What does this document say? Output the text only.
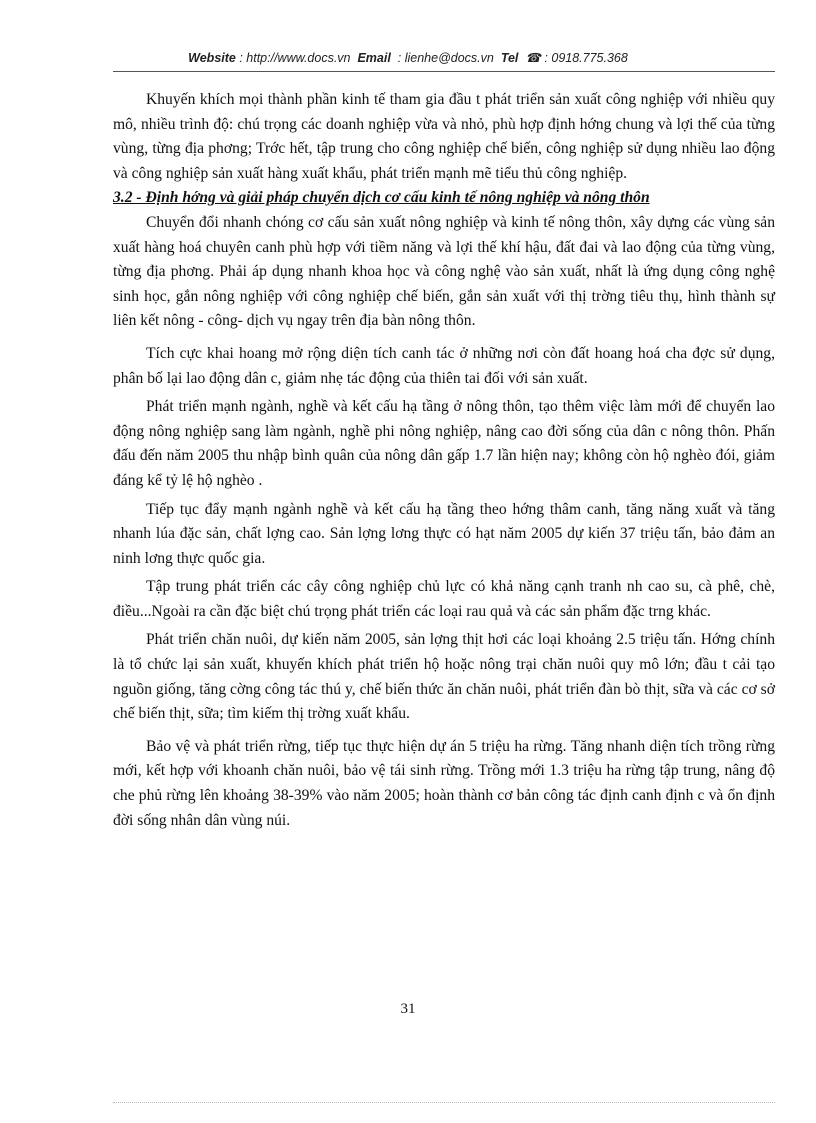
Website : http://www.docs.vn Email : lienhe@docs.vn Tel ☎ : 0918.775.368

Khuyến khích mọi thành phần kinh tế tham gia đầu t phát triển sản xuất công nghiệp với nhiều quy mô, nhiều trình độ: chú trọng các doanh nghiệp vừa và nhỏ, phù hợp định hớng chung và lợi thế của từng vùng, từng địa phơng; Trớc hết, tập trung cho công nghiệp chế biến, công nghiệp sử dụng nhiều lao động và công nghiệp sản xuất hàng xuất khẩu, phát triển mạnh mẽ tiểu thủ công nghiệp.

3.2 - Định hớng và giải pháp chuyển dịch cơ cấu kinh tế nông nghiệp và nông thôn

Chuyển đổi nhanh chóng cơ cấu sản xuất nông nghiệp và kinh tế nông thôn, xây dựng các vùng sản xuất hàng hoá chuyên canh phù hợp với tiềm năng và lợi thế khí hậu, đất đai và lao động của từng vùng, từng địa phơng. Phải áp dụng nhanh khoa học và công nghệ vào sản xuất, nhất là ứng dụng công nghệ sinh học, gắn nông nghiệp với công nghiệp chế biến, gắn sản xuất với thị trờng tiêu thụ, hình thành sự liên kết nông - công- dịch vụ ngay trên địa bàn nông thôn.

Tích cực khai hoang mở rộng diện tích canh tác ở những nơi còn đất hoang hoá cha đợc sử dụng, phân bố lại lao động dân c, giảm nhẹ tác động của thiên tai đối với sản xuất.

Phát triển mạnh ngành, nghề và kết cấu hạ tầng ở nông thôn, tạo thêm việc làm mới để chuyển lao động nông nghiệp sang làm ngành, nghề phi nông nghiệp, nâng cao đời sống của dân c nông thôn. Phấn đấu đến năm 2005 thu nhập bình quân của nông dân gấp 1.7 lần hiện nay; không còn hộ nghèo đói, giảm đáng kể tỷ lệ hộ nghèo .

Tiếp tục đẩy mạnh ngành nghề và kết cấu hạ tầng theo hớng thâm canh, tăng năng xuất và tăng nhanh lúa đặc sản, chất lợng cao. Sản lợng lơng thực có hạt năm 2005 dự kiến 37 triệu tấn, bảo đảm an ninh lơng thực quốc gia.

Tập trung phát triển các cây công nghiệp chủ lực có khả năng cạnh tranh nh cao su, cà phê, chè, điều...Ngoài ra cần đặc biệt chú trọng phát triển các loại rau quả và các sản phẩm đặc trng khác.

Phát triển chăn nuôi, dự kiến năm 2005, sản lợng thịt hơi các loại khoảng 2.5 triệu tấn. Hớng chính là tổ chức lại sản xuất, khuyến khích phát triển hộ hoặc nông trại chăn nuôi quy mô lớn; đầu t cải tạo nguồn giống, tăng cờng công tác thú y, chế biến thức ăn chăn nuôi, phát triển đàn bò thịt, sữa và các cơ sở chế biến thịt, sữa; tìm kiếm thị trờng xuất khẩu.

Bảo vệ và phát triển rừng, tiếp tục thực hiện dự án 5 triệu ha rừng. Tăng nhanh diện tích trồng rừng mới, kết hợp với khoanh chăn nuôi, bảo vệ tái sinh rừng. Trồng mới 1.3 triệu ha rừng tập trung, nâng độ che phủ rừng lên khoảng 38-39% vào năm 2005; hoàn thành cơ bản công tác định canh định c và ổn định đời sống nhân dân vùng núi.

31
